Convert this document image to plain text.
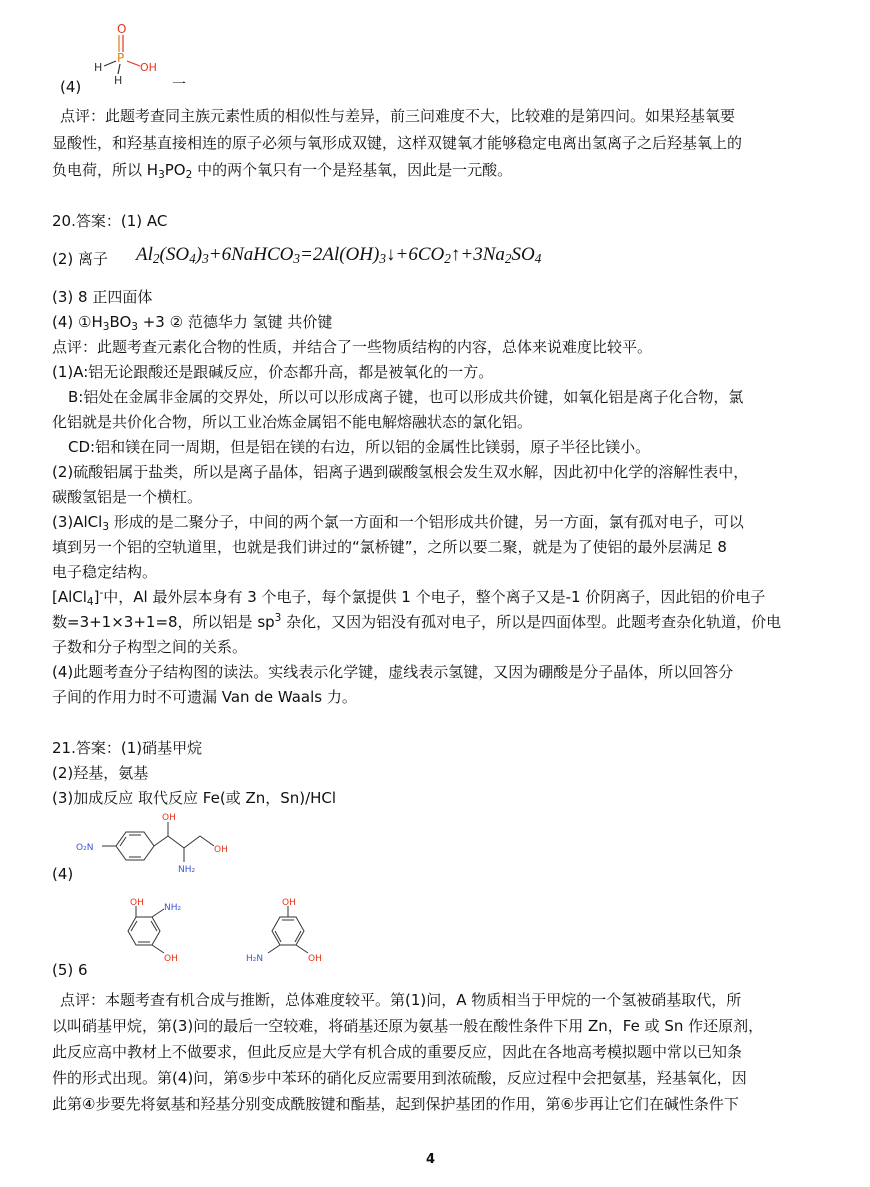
O
P
OH
H
H
(4)	一
点评：此题考查同主族元素性质的相似性与差异，前三问难度不大，比较难的是第四问。如果羟基氧要
显酸性，和羟基直接相连的原子必须与氧形成双键，这样双键氧才能够稳定电离出氢离子之后羟基氧上的
负电荷，所以 $H_3PO_2$ 中的两个氧只有一个是羟基氧，因此是一元酸。
20.答案：(1) AC
(2) 离子 $Al_2(SO_4)_3+6NaHCO_3=2Al(OH)_3↓+6CO_2↑+3Na_2SO_4$
(3) 8 正四面体
(4) $①H_3BO_3 +3$ ② 范德华力 氢键 共价键
点评：此题考查元素化合物的性质，并结合了一些物质结构的内容，总体来说难度比较平。
(1)A:铝无论跟酸还是跟碱反应，价态都升高，都是被氧化的一方。
B:铝处在金属非金属的交界处，所以可以形成离子键，也可以形成共价键，如氧化铝是离子化合物，氯
化铝就是共价化合物，所以工业冶炼金属铝不能电解熔融状态的氯化铝。
CD:铝和镁在同一周期，但是铝在镁的右边，所以铝的金属性比镁弱，原子半径比镁小。
(2)硫酸铝属于盐类，所以是离子晶体，铝离子遇到碳酸氢根会发生双水解，因此初中化学的溶解性表中，
碳酸氢铝是一个横杠。
(3)AlCl$_3$ 形成的是二聚分子，中间的两个氯一方面和一个铝形成共价键，另一方面，氯有孤对电子，可以
填到另一个铝的空轨道里，也就是我们讲过的“氯桥键”，之所以要二聚，就是为了使铝的最外层满足 8
电子稳定结构。
[AlCl$_4$]-中，Al 最外层本身有 3 个电子，每个氯提供 1 个电子，整个离子又是-1 价阴离子，因此铝的价电子
数=3+1×3+1=8，所以铝是 $sp^3$ 杂化，又因为铝没有孤对电子，所以是四面体型。此题考查杂化轨道，价电
子数和分子构型之间的关系。
(4)此题考查分子结构图的读法。实线表示化学键，虚线表示氢键，又因为硼酸是分子晶体，所以回答分
子间的作用力时不可遗漏 Van de Waals 力。
21.答案：(1)硝基甲烷
(2)羟基，氨基
(3)加成反应 取代反应 Fe(或 Zn，Sn)/HCl
O₂N
OH
NH₂
OH
(4)
OH NH₂
OH
OH
H₂N	OH
(5) 6
点评：本题考查有机合成与推断，总体难度较平。第(1)问，A 物质相当于甲烷的一个氢被硝基取代，所
以叫硝基甲烷，第(3)问的最后一空较难，将硝基还原为氨基一般在酸性条件下用 Zn，Fe 或 Sn 作还原剂，
此反应高中教材上不做要求，但此反应是大学有机合成的重要反应，因此在各地高考模拟题中常以已知条
件的形式出现。第(4)问，第⑤步中苯环的硝化反应需要用到浓硫酸，反应过程中会把氨基，羟基氧化，因
此第④步要先将氨基和羟基分别变成酰胺键和酯基，起到保护基团的作用，第⑥步再让它们在碱性条件下
4
